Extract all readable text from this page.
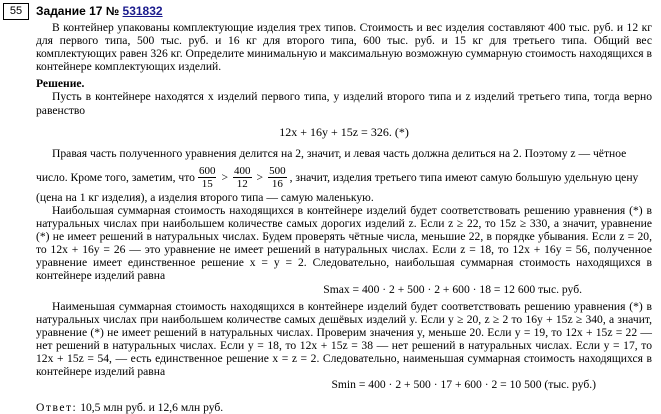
55	Задание 17 № 531832

В контейнер упакованы комплектующие изделия трех типов. Стоимость и вес изделия составляют 400 тыс. руб. и 12 кг для первого типа, 500 тыс. руб. и 16 кг для второго типа, 600 тыс. руб. и 15 кг для третьего типа. Общий вес комплектующих равен 326 кг. Определите минимальную и максимальную возможную суммарную стоимость находящихся в контейнере комплектующих изделий.

Решение.

Пусть в контейнере находятся x изделий первого типа, y изделий второго типа и z изделий третьего типа, тогда верно равенство

12x + 16y + 15z = 326. (*)

Правая часть полученного уравнения делится на 2, значит, и левая часть должна делиться на 2. Поэтому z — чётное

число. Кроме того, заметим, что $\frac{600}{15} > \frac{400}{12} > \frac{500}{16}$ , значит, изделия третьего типа имеют самую большую удельную цену

(цена на 1 кг изделия), а изделия второго типа — самую маленькую.

Наибольшая суммарная стоимость находящихся в контейнере изделий будет соответствовать решению уравнения (*) в натуральных числах при наибольшем количестве самых дорогих изделий z. Если z ≥ 22, то 15z ≥ 330, а значит, уравнение (*) не имеет решений в натуральных числах. Будем проверять чётные числа, меньшие 22, в порядке убывания. Если z = 20, то 12x + 16y = 26 — это уравнение не имеет решений в натуральных числах. Если z = 18, то 12x + 16y = 56, полученное уравнение имеет единственное решение x = y = 2. Следовательно, наибольшая суммарная стоимость находящихся в контейнере изделий равна

Smax = 400 · 2 + 500 · 2 + 600 · 18 = 12 600 тыс. руб.

Наименьшая суммарная стоимость находящихся в контейнере изделий будет соответствовать решению уравнения (*) в натуральных числах при наибольшем количестве самых дешёвых изделий y. Если y ≥ 20, z ≥ 2 то 16y + 15z ≥ 340, а значит, уравнение (*) не имеет решений в натуральных числах. Проверим значения y, меньше 20. Если y = 19, то 12x + 15z = 22 — нет решений в натуральных числах. Если y = 18, то 12x + 15z = 38 — нет решений в натуральных числах. Если y = 17, то 12x + 15z = 54, — есть единственное решение x = z = 2. Следовательно, наименьшая суммарная стоимость находящихся в контейнере изделий равна

Smin = 400 · 2 + 500 · 17 + 600 · 2 = 10 500 (тыс. руб.)

Ответ: 10,5 млн руб. и 12,6 млн руб.
